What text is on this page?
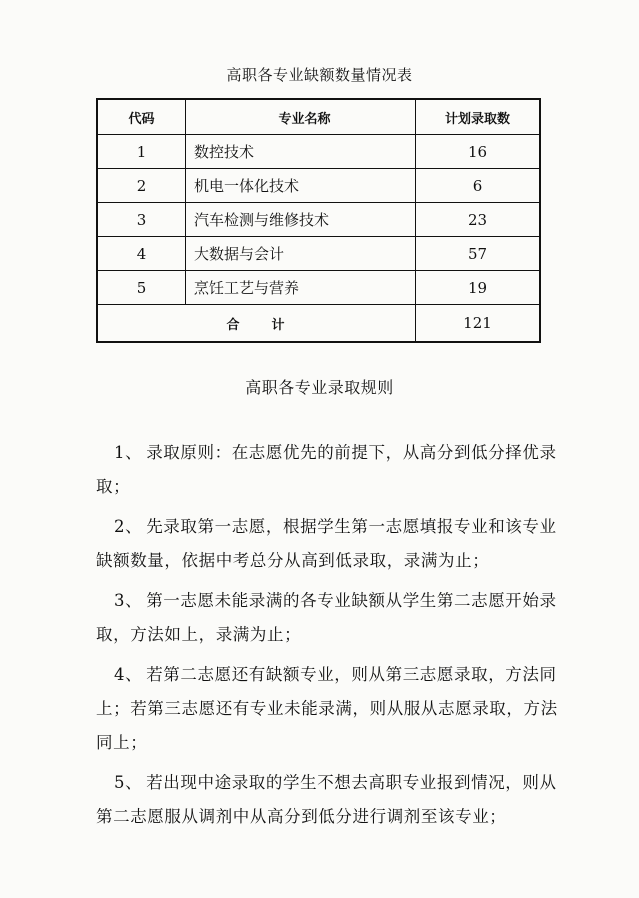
高职各专业缺额数量情况表
代码	专业名称	计划录取数
1	数控技术	16
2	机电一体化技术	6
3	汽车检测与维修技术	23
4	大数据与会计	57
5	烹饪工艺与营养	19
合　　计		121
高职各专业录取规则

1、 录取原则：在志愿优先的前提下，从高分到低分择优录取；

2、 先录取第一志愿，根据学生第一志愿填报专业和该专业缺额数量，依据中考总分从高到低录取，录满为止；

3、 第一志愿未能录满的各专业缺额从学生第二志愿开始录取，方法如上，录满为止；

4、 若第二志愿还有缺额专业，则从第三志愿录取，方法同上；若第三志愿还有专业未能录满，则从服从志愿录取，方法同上；

5、 若出现中途录取的学生不想去高职专业报到情况，则从第二志愿服从调剂中从高分到低分进行调剂至该专业；
